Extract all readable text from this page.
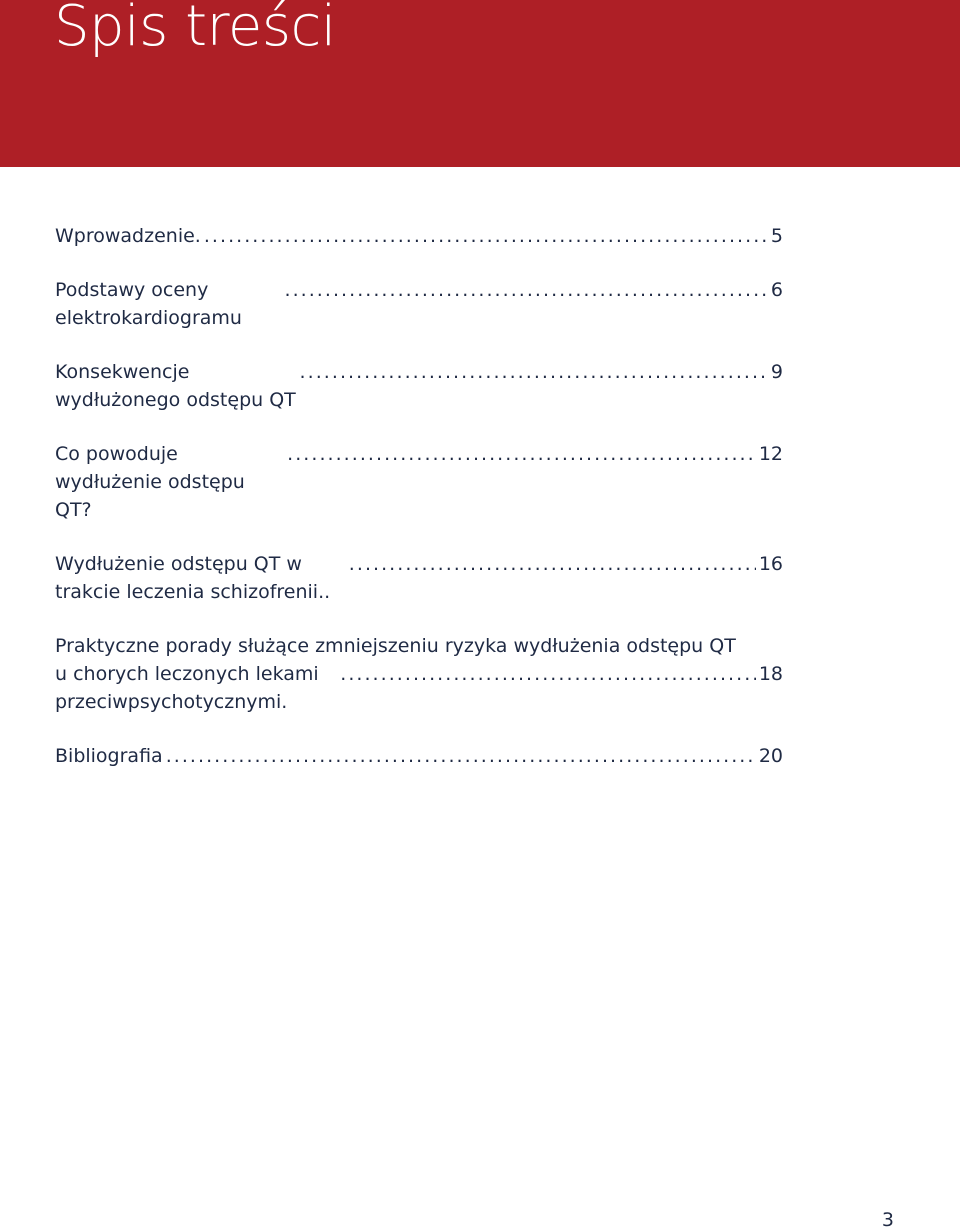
Spis treści
Wprowadzenie. . . .	5
Podstawy oceny elektrokardiogramu
. . .
6
Konsekwencje wydłużonego odstępu QT
. . .
9
Co powoduje wydłużenie odstępu QT?
. . .
12
Wydłużenie odstępu QT w trakcie leczenia schizofrenii..
. . .
16
Praktyczne porady służące zmniejszeniu ryzyka wydłużenia odstępu QT
u chorych leczonych lekami przeciwpsychotycznymi.
. . .
18
Bibliografia . . .	20
3
